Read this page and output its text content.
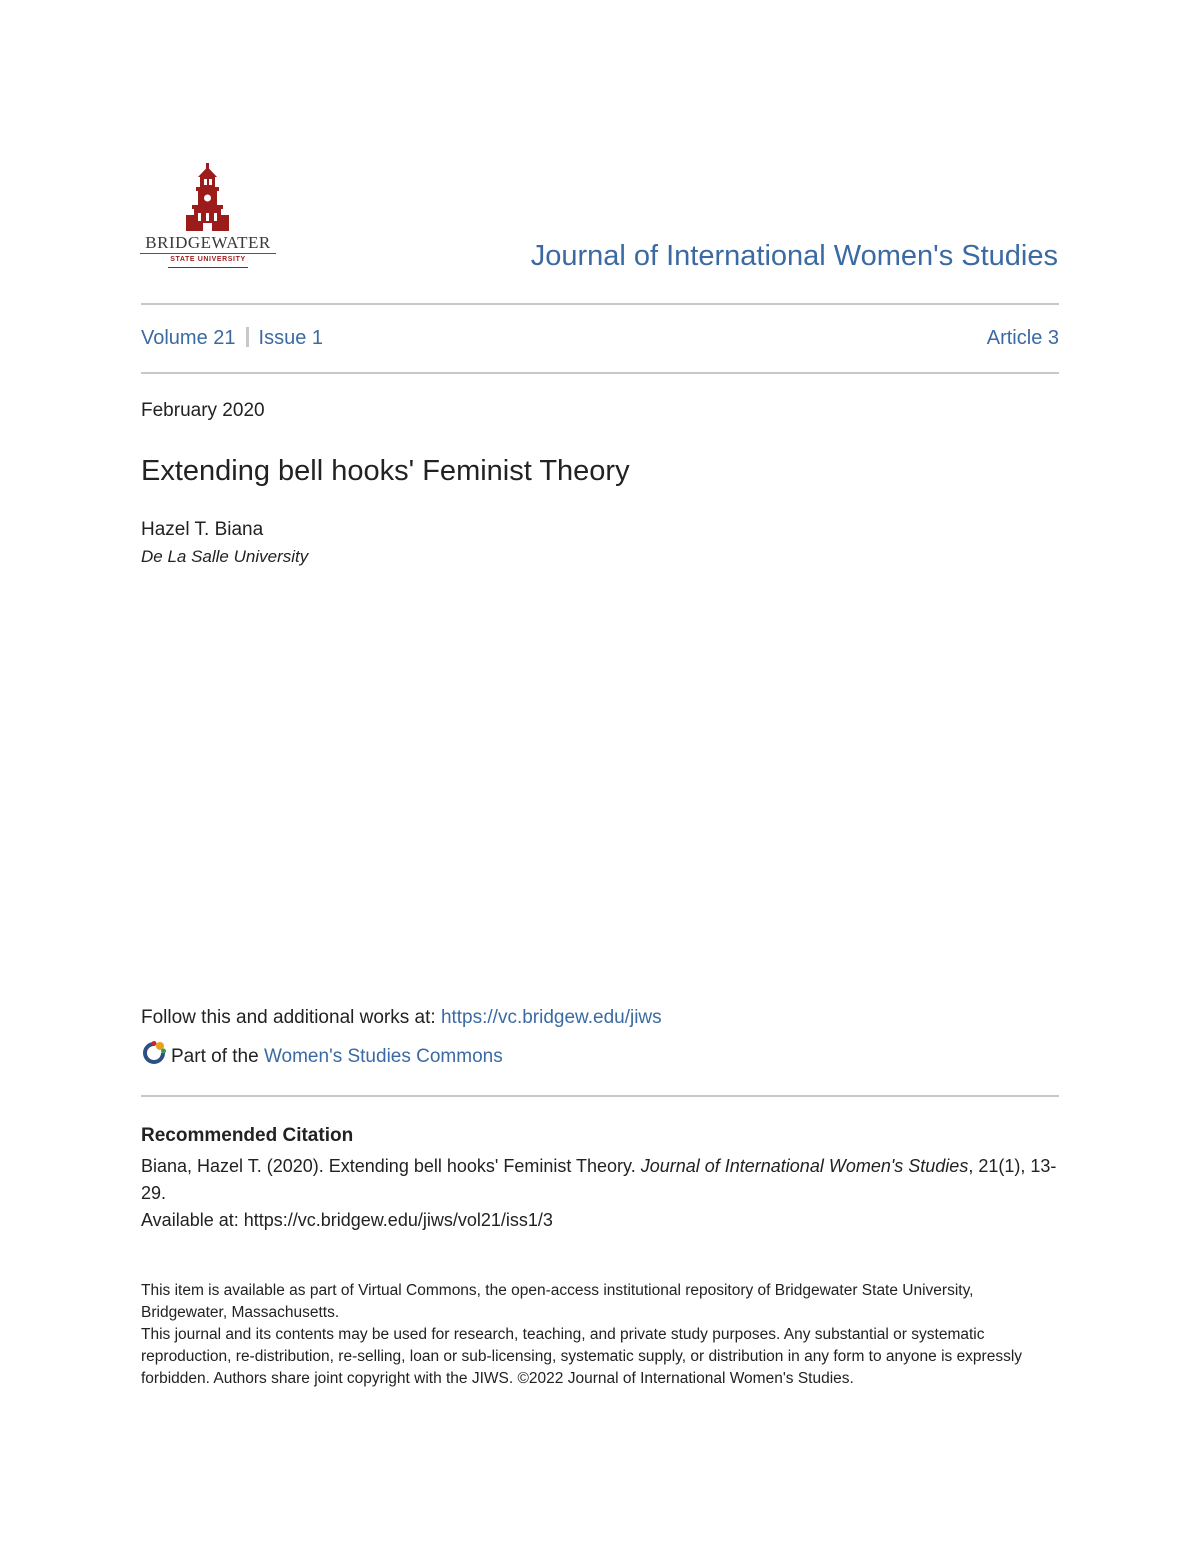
BRIDGEWATER
STATE UNIVERSITY	Journal of International Women's Studies
Volume 21 Issue 1	Article 3
February 2020
Extending bell hooks' Feminist Theory
Hazel T. Biana
De La Salle University
Follow this and additional works at: https://vc.bridgew.edu/jiws
Part of the Women's Studies Commons
Recommended Citation
Biana, Hazel T. (2020). Extending bell hooks' Feminist Theory. Journal of International Women's Studies, 21(1), 13-29.
Available at: https://vc.bridgew.edu/jiws/vol21/iss1/3

This item is available as part of Virtual Commons, the open-access institutional repository of Bridgewater State University, Bridgewater, Massachusetts.

This journal and its contents may be used for research, teaching, and private study purposes. Any substantial or systematic reproduction, re-distribution, re-selling, loan or sub-licensing, systematic supply, or distribution in any form to anyone is expressly forbidden. Authors share joint copyright with the JIWS. ©2022 Journal of International Women's Studies.
